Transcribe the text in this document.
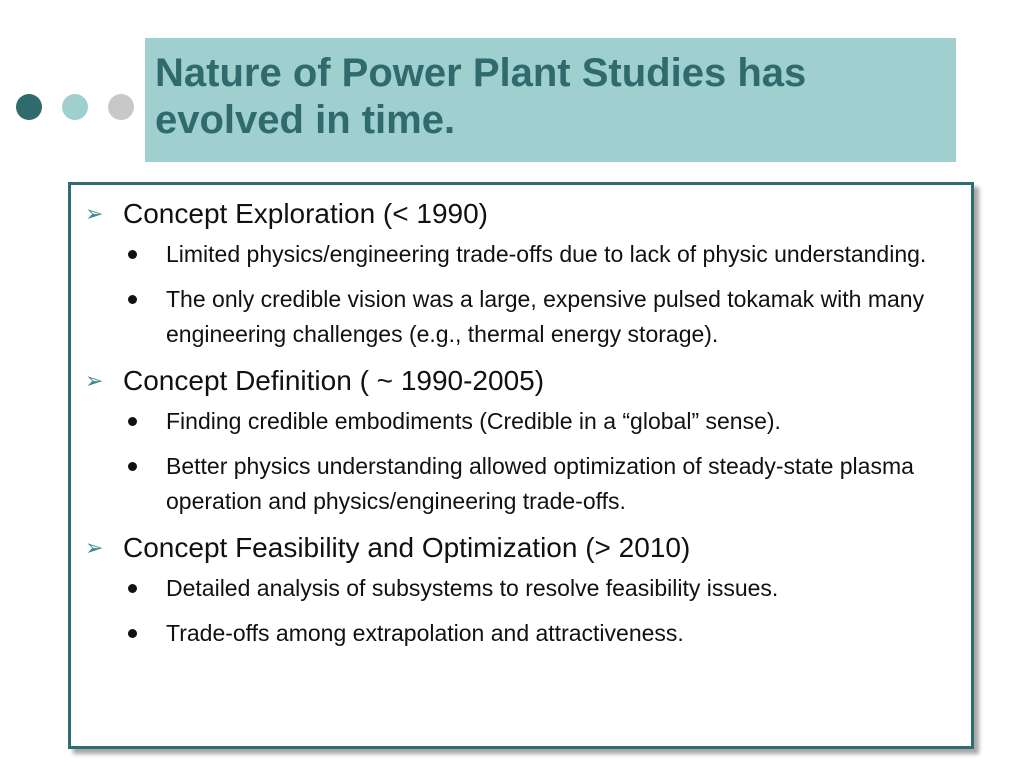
Nature of Power Plant Studies has evolved in time.
➢ Concept Exploration (< 1990)
Limited physics/engineering trade-offs due to lack of physic understanding.
The only credible vision was a large, expensive pulsed tokamak with many engineering challenges (e.g., thermal energy storage).
➢ Concept Definition ( ~ 1990-2005)
Finding credible embodiments (Credible in a “global” sense).
Better physics understanding allowed optimization of steady-state plasma operation and physics/engineering trade-offs.
➢ Concept Feasibility and Optimization (> 2010)
Detailed analysis of subsystems to resolve feasibility issues.
Trade-offs among extrapolation and attractiveness.
